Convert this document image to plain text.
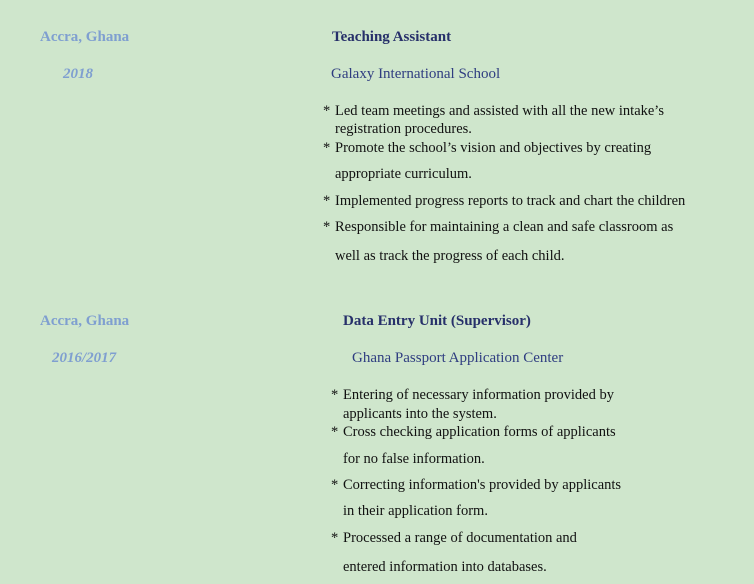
Accra, Ghana	Teaching Assistant
2018	Galaxy International School
* Led team meetings and assisted with all the new intake’s
registration procedures.
* Promote the school’s vision and objectives by creating
appropriate curriculum.
* Implemented progress reports to track and chart the children
* Responsible for maintaining a clean and safe classroom as
well as track the progress of each child.
Accra, Ghana	Data Entry Unit (Supervisor)
2016/2017	Ghana Passport Application Center
* Entering of necessary information provided by
applicants into the system.
* Cross checking application forms of applicants
for no false information.
* Correcting information's provided by applicants
in their application form.
* Processed a range of documentation and
entered information into databases.
